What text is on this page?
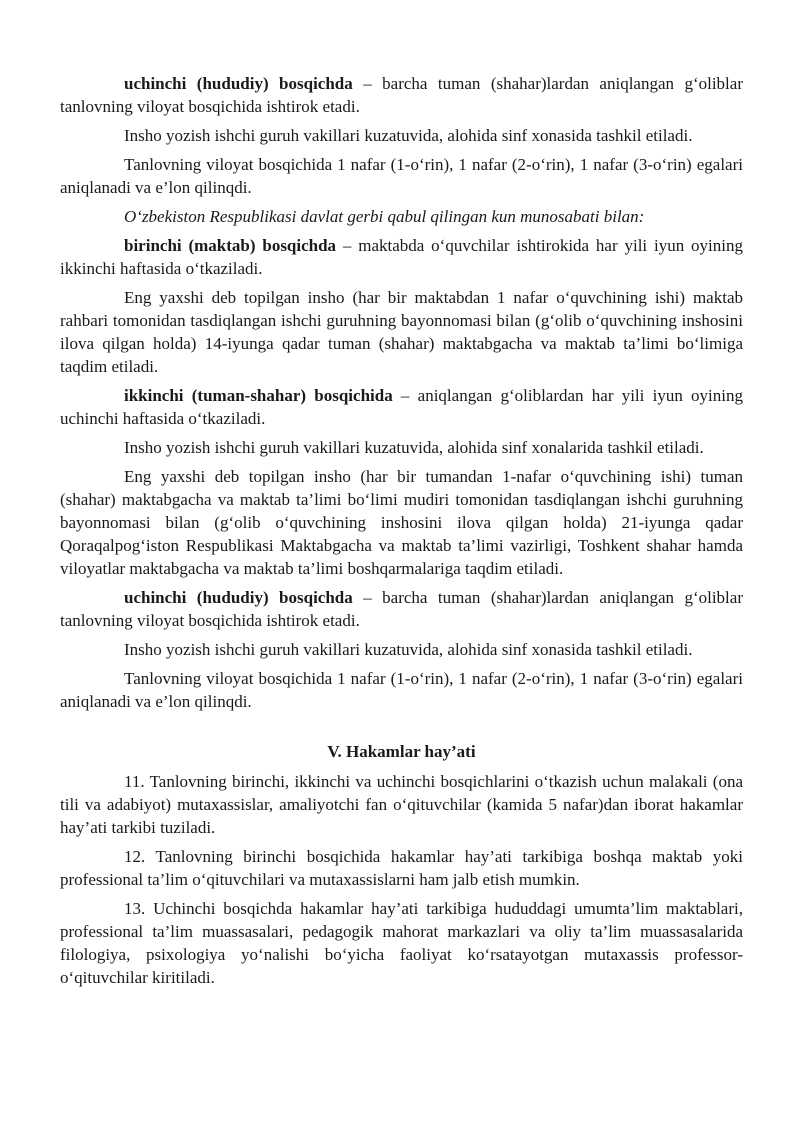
uchinchi (hududiy) bosqichda – barcha tuman (shahar)lardan aniqlangan g‘oliblar tanlovning viloyat bosqichida ishtirok etadi.

Insho yozish ishchi guruh vakillari kuzatuvida, alohida sinf xonasida tashkil etiladi.

Tanlovning viloyat bosqichida 1 nafar (1-o‘rin), 1 nafar (2-o‘rin), 1 nafar (3-o‘rin) egalari aniqlanadi va e’lon qilinqdi.

O‘zbekiston Respublikasi davlat gerbi qabul qilingan kun munosabati bilan:

birinchi (maktab) bosqichda – maktabda o‘quvchilar ishtirokida har yili iyun oyining ikkinchi haftasida o‘tkaziladi.

Eng yaxshi deb topilgan insho (har bir maktabdan 1 nafar o‘quvchining ishi) maktab rahbari tomonidan tasdiqlangan ishchi guruhning bayonnomasi bilan (g‘olib o‘quvchining inshosini ilova qilgan holda) 14-iyunga qadar tuman (shahar) maktabgacha va maktab ta’limi bo‘limiga taqdim etiladi.

ikkinchi (tuman-shahar) bosqichida – aniqlangan g‘oliblardan har yili iyun oyining uchinchi haftasida o‘tkaziladi.

Insho yozish ishchi guruh vakillari kuzatuvida, alohida sinf xonalarida tashkil etiladi.

Eng yaxshi deb topilgan insho (har bir tumandan 1-nafar o‘quvchining ishi) tuman (shahar) maktabgacha va maktab ta’limi bo‘limi mudiri tomonidan tasdiqlangan ishchi guruhning bayonnomasi bilan (g‘olib o‘quvchining inshosini ilova qilgan holda) 21-iyunga qadar Qoraqalpog‘iston Respublikasi Maktabgacha va maktab ta’limi vazirligi, Toshkent shahar hamda viloyatlar maktabgacha va maktab ta’limi boshqarmalariga taqdim etiladi.

uchinchi (hududiy) bosqichda – barcha tuman (shahar)lardan aniqlangan g‘oliblar tanlovning viloyat bosqichida ishtirok etadi.

Insho yozish ishchi guruh vakillari kuzatuvida, alohida sinf xonasida tashkil etiladi.

Tanlovning viloyat bosqichida 1 nafar (1-o‘rin), 1 nafar (2-o‘rin), 1 nafar (3-o‘rin) egalari aniqlanadi va e’lon qilinqdi.

V. Hakamlar hay’ati

11. Tanlovning birinchi, ikkinchi va uchinchi bosqichlarini o‘tkazish uchun malakali (ona tili va adabiyot) mutaxassislar, amaliyotchi fan o‘qituvchilar (kamida 5 nafar)dan iborat hakamlar hay’ati tarkibi tuziladi.

12. Tanlovning birinchi bosqichida hakamlar hay’ati tarkibiga boshqa maktab yoki professional ta’lim o‘qituvchilari va mutaxassislarni ham jalb etish mumkin.

13. Uchinchi bosqichda hakamlar hay’ati tarkibiga hududdagi umumta’lim maktablari, professional ta’lim muassasalari, pedagogik mahorat markazlari va oliy ta’lim muassasalarida filologiya, psixologiya yo‘nalishi bo‘yicha faoliyat ko‘rsatayotgan mutaxassis professor-o‘qituvchilar kiritiladi.
